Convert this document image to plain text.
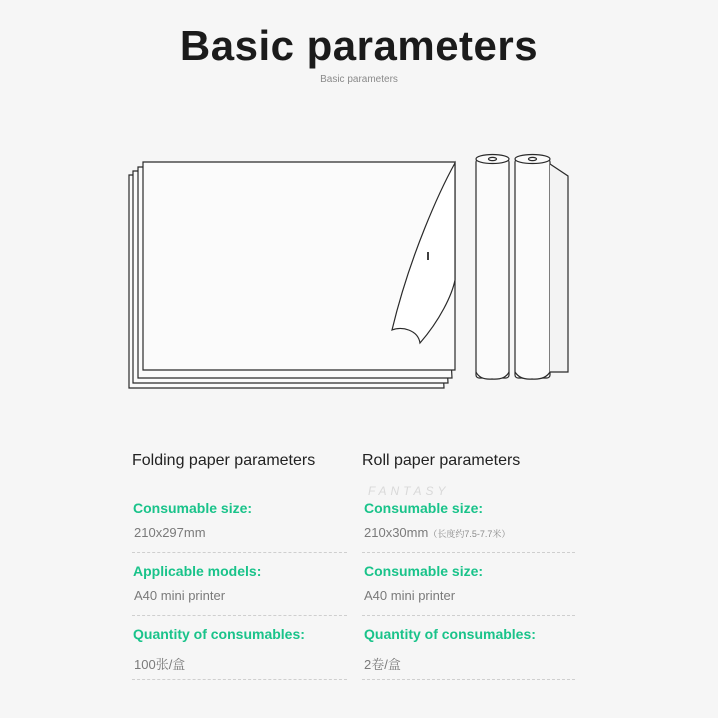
Basic parameters
Basic parameters
Folding paper parameters	Roll paper parameters
FANTASY
Consumable size:
210x297mm
Applicable models:
A40 mini printer
Quantity of consumables:
100张/盒
Consumable size:
210x30mm（长度约7.5-7.7米）
Consumable size:
A40 mini printer
Quantity of consumables:
2卷/盒
